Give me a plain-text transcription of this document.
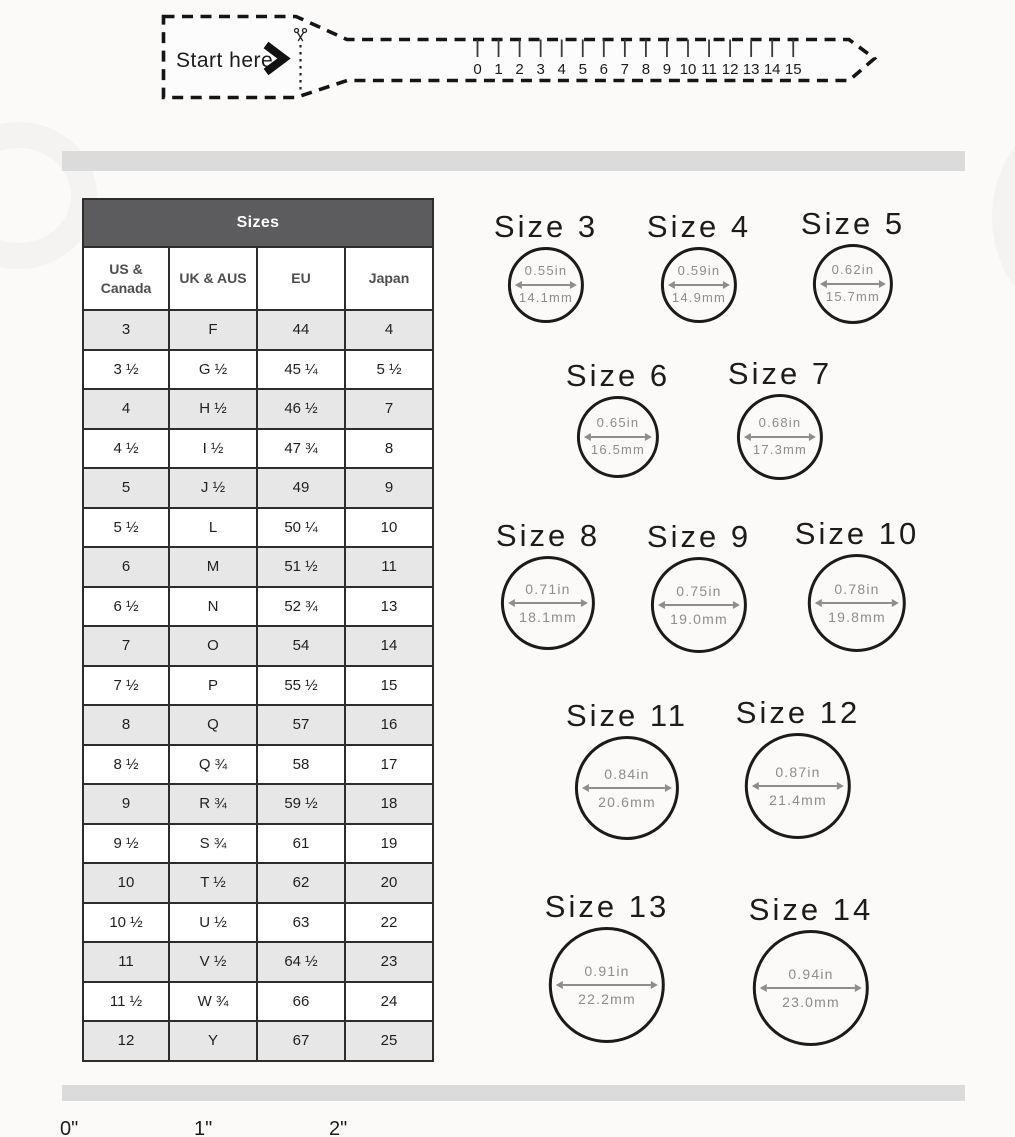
Start here	0 1 2 3 4 5 6 7 8 9 10 11 12 13 14 15
Sizes			
US & Canada	UK & AUS	EU	Japan
3	F	44	4
3 ½	G ½	45 ¼	5 ½
4	H ½	46 ½	7
4 ½	I ½	47 ¾	8
5	J ½	49	9
5 ½	L	50 ¼	10
6	M	51 ½	11
6 ½	N	52 ¾	13
7	O	54	14
7 ½	P	55 ½	15
8	Q	57	16
8 ½	Q ¾	58	17
9	R ¾	59 ½	18
9 ½	S ¾	61	19
10	T ½	62	20
10 ½	U ½	63	22
11	V ½	64 ½	23
11 ½	W ¾	66	24
12	Y	67	25
Size 3
0.55in
14.1mm
Size 4
0.59in
14.9mm
Size 5
0.62in
15.7mm
Size 6
0.65in
16.5mm
Size 7
0.68in
17.3mm
Size 8
0.71in
18.1mm
Size 9
0.75in
19.0mm
Size 10
0.78in
19.8mm
Size 11
0.84in
20.6mm
Size 12
0.87in
21.4mm
Size 13
0.91in
22.2mm
Size 14
0.94in
23.0mm
0"	1"	2"
